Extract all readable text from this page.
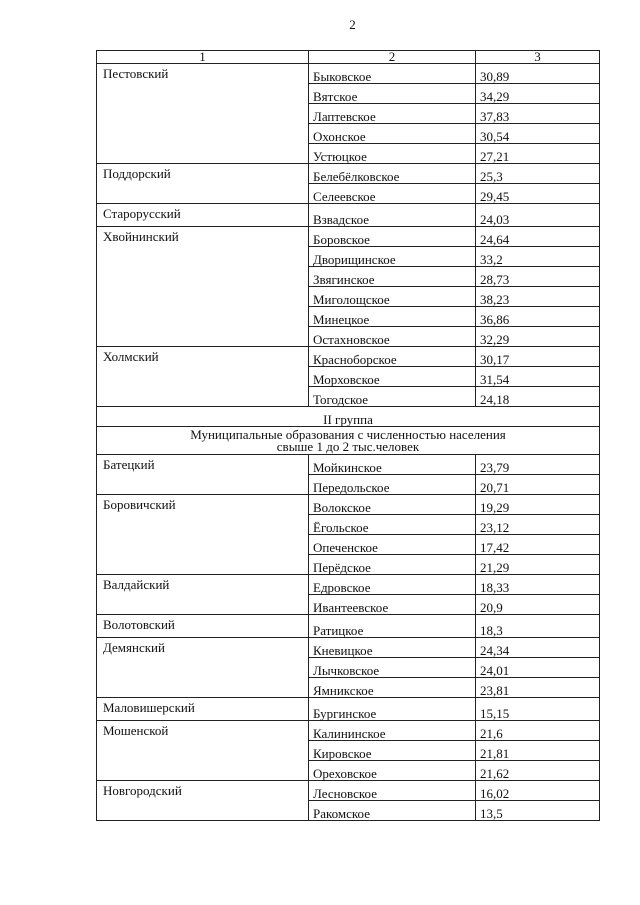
2
1	2	3
Пестовский	Быковское	30,89
	Вятское	34,29
	Лаптевское	37,83
	Охонское	30,54
	Устюцкое	27,21
Поддорский	Белебёлковское	25,3
	Селеевское	29,45
Старорусский	Взвадское	24,03
Хвойнинский	Боровское	24,64
	Дворищинское	33,2
	Звягинское	28,73
	Миголощское	38,23
	Минецкое	36,86
	Остахновское	32,29
Холмский	Красноборское	30,17
	Морховское	31,54
	Тогодское	24,18
II группа		

Муниципальные образования с численностью населения
свыше 1 до 2 тыс.человек		

Батецкий	Мойкинское	23,79
	Передольское	20,71
Боровичский	Волокское	19,29
	Ёгольское	23,12
	Опеченское	17,42
	Перёдское	21,29
Валдайский	Едровское	18,33
	Ивантеевское	20,9
Волотовский	Ратицкое	18,3
Демянский	Кневицкое	24,34
	Лычковское	24,01
	Ямникское	23,81
Маловишерский	Бургинское	15,15
Мошенской	Калининское	21,6
	Кировское	21,81
	Ореховское	21,62
Новгородский	Лесновское	16,02
	Ракомское	13,5
